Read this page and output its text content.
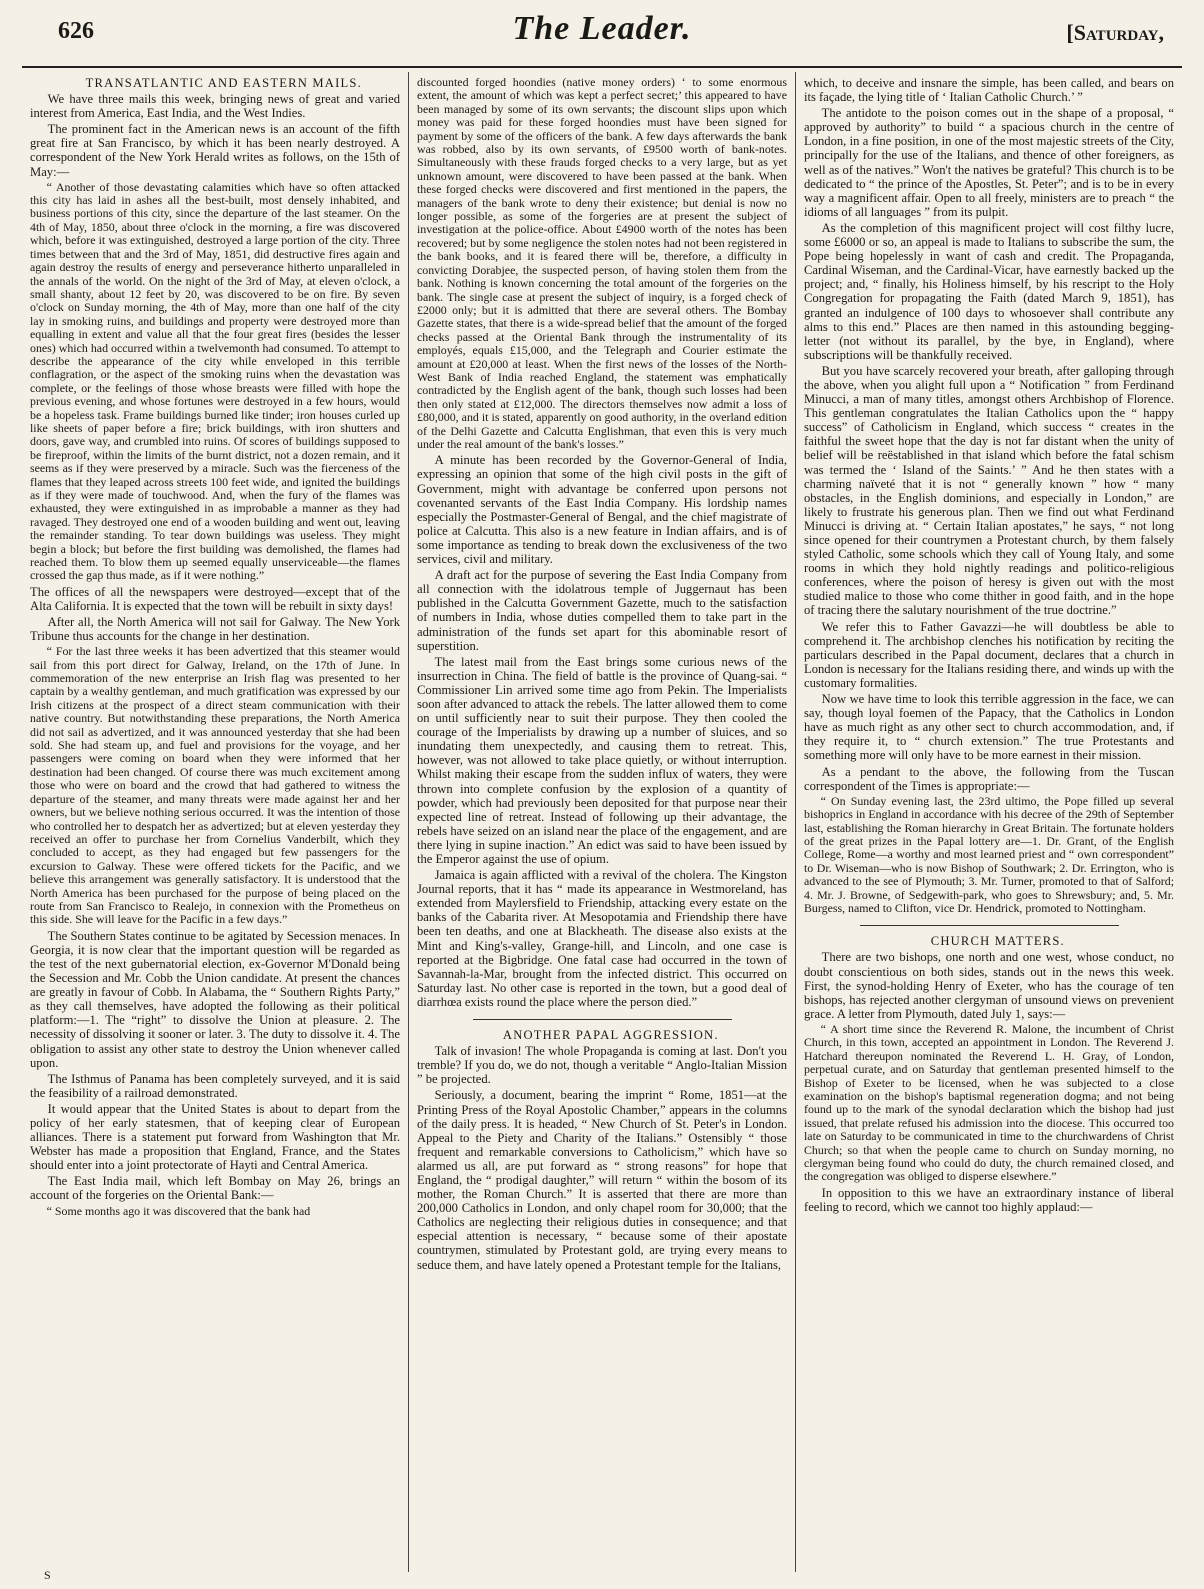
626	The Leader.	[Saturday,

TRANSATLANTIC AND EASTERN MAILS.

We have three mails this week, bringing news of great and varied interest from America, East India, and the West Indies.

The prominent fact in the American news is an account of the fifth great fire at San Francisco, by which it has been nearly destroyed. A correspondent of the New York Herald writes as follows, on the 15th of May:—

“ Another of those devastating calamities which have so often attacked this city has laid in ashes all the best-built, most densely inhabited, and business portions of this city, since the departure of the last steamer. On the 4th of May, 1850, about three o'clock in the morning, a fire was discovered which, before it was extinguished, destroyed a large portion of the city. Three times between that and the 3rd of May, 1851, did destructive fires again and again destroy the results of energy and perseverance hitherto unparalleled in the annals of the world. On the night of the 3rd of May, at eleven o'clock, a small shanty, about 12 feet by 20, was discovered to be on fire. By seven o'clock on Sunday morning, the 4th of May, more than one half of the city lay in smoking ruins, and buildings and property were destroyed more than equalling in extent and value all that the four great fires (besides the lesser ones) which had occurred within a twelvemonth had consumed. To attempt to describe the appearance of the city while enveloped in this terrible conflagration, or the aspect of the smoking ruins when the devastation was complete, or the feelings of those whose breasts were filled with hope the previous evening, and whose fortunes were destroyed in a few hours, would be a hopeless task. Frame buildings burned like tinder; iron houses curled up like sheets of paper before a fire; brick buildings, with iron shutters and doors, gave way, and crumbled into ruins. Of scores of buildings supposed to be fireproof, within the limits of the burnt district, not a dozen remain, and it seems as if they were preserved by a miracle. Such was the fierceness of the flames that they leaped across streets 100 feet wide, and ignited the buildings as if they were made of touchwood. And, when the fury of the flames was exhausted, they were extinguished in as improbable a manner as they had ravaged. They destroyed one end of a wooden building and went out, leaving the remainder standing. To tear down buildings was useless. They might begin a block; but before the first building was demolished, the flames had reached them. To blow them up seemed equally unserviceable—the flames crossed the gap thus made, as if it were nothing.”

The offices of all the newspapers were destroyed—except that of the Alta California. It is expected that the town will be rebuilt in sixty days!

After all, the North America will not sail for Galway. The New York Tribune thus accounts for the change in her destination.

“ For the last three weeks it has been advertized that this steamer would sail from this port direct for Galway, Ireland, on the 17th of June. In commemoration of the new enterprise an Irish flag was presented to her captain by a wealthy gentleman, and much gratification was expressed by our Irish citizens at the prospect of a direct steam communication with their native country. But notwithstanding these preparations, the North America did not sail as advertized, and it was announced yesterday that she had been sold. She had steam up, and fuel and provisions for the voyage, and her passengers were coming on board when they were informed that her destination had been changed. Of course there was much excitement among those who were on board and the crowd that had gathered to witness the departure of the steamer, and many threats were made against her and her owners, but we believe nothing serious occurred. It was the intention of those who controlled her to despatch her as advertized; but at eleven yesterday they received an offer to purchase her from Cornelius Vanderbilt, which they concluded to accept, as they had engaged but few passengers for the excursion to Galway. These were offered tickets for the Pacific, and we believe this arrangement was generally satisfactory. It is understood that the North America has been purchased for the purpose of being placed on the route from San Francisco to Realejo, in connexion with the Prometheus on this side. She will leave for the Pacific in a few days.”

The Southern States continue to be agitated by Secession menaces. In Georgia, it is now clear that the important question will be regarded as the test of the next gubernatorial election, ex-Governor M'Donald being the Secession and Mr. Cobb the Union candidate. At present the chances are greatly in favour of Cobb. In Alabama, the “ Southern Rights Party,” as they call themselves, have adopted the following as their political platform:—1. The “right” to dissolve the Union at pleasure. 2. The necessity of dissolving it sooner or later. 3. The duty to dissolve it. 4. The obligation to assist any other state to destroy the Union whenever called upon.

The Isthmus of Panama has been completely surveyed, and it is said the feasibility of a railroad demonstrated.

It would appear that the United States is about to depart from the policy of her early statesmen, that of keeping clear of European alliances. There is a statement put forward from Washington that Mr. Webster has made a proposition that England, France, and the States should enter into a joint protectorate of Hayti and Central America.

The East India mail, which left Bombay on May 26, brings an account of the forgeries on the Oriental Bank:—

“ Some months ago it was discovered that the bank had

discounted forged hoondies (native money orders) ‘ to some enormous extent, the amount of which was kept a perfect secret;’ this appeared to have been managed by some of its own servants; the discount slips upon which money was paid for these forged hoondies must have been signed for payment by some of the officers of the bank. A few days afterwards the bank was robbed, also by its own servants, of £9500 worth of bank-notes. Simultaneously with these frauds forged checks to a very large, but as yet unknown amount, were discovered to have been passed at the bank. When these forged checks were discovered and first mentioned in the papers, the managers of the bank wrote to deny their existence; but denial is now no longer possible, as some of the forgeries are at present the subject of investigation at the police-office. About £4900 worth of the notes has been recovered; but by some negligence the stolen notes had not been registered in the bank books, and it is feared there will be, therefore, a difficulty in convicting Dorabjee, the suspected person, of having stolen them from the bank. Nothing is known concerning the total amount of the forgeries on the bank. The single case at present the subject of inquiry, is a forged check of £2000 only; but it is admitted that there are several others. The Bombay Gazette states, that there is a wide-spread belief that the amount of the forged checks passed at the Oriental Bank through the instrumentality of its employés, equals £15,000, and the Telegraph and Courier estimate the amount at £20,000 at least. When the first news of the losses of the North-West Bank of India reached England, the statement was emphatically contradicted by the English agent of the bank, though such losses had been then only stated at £12,000. The directors themselves now admit a loss of £80,000, and it is stated, apparently on good authority, in the overland edition of the Delhi Gazette and Calcutta Englishman, that even this is very much under the real amount of the bank's losses.”

A minute has been recorded by the Governor-General of India, expressing an opinion that some of the high civil posts in the gift of Government, might with advantage be conferred upon persons not covenanted servants of the East India Company. His lordship names especially the Postmaster-General of Bengal, and the chief magistrate of police at Calcutta. This also is a new feature in Indian affairs, and is of some importance as tending to break down the exclusiveness of the two services, civil and military.

A draft act for the purpose of severing the East India Company from all connection with the idolatrous temple of Juggernaut has been published in the Calcutta Government Gazette, much to the satisfaction of numbers in India, whose duties compelled them to take part in the administration of the funds set apart for this abominable resort of superstition.

The latest mail from the East brings some curious news of the insurrection in China. The field of battle is the province of Quang-sai. “ Commissioner Lin arrived some time ago from Pekin. The Imperialists soon after advanced to attack the rebels. The latter allowed them to come on until sufficiently near to suit their purpose. They then cooled the courage of the Imperialists by drawing up a number of sluices, and so inundating them unexpectedly, and causing them to retreat. This, however, was not allowed to take place quietly, or without interruption. Whilst making their escape from the sudden influx of waters, they were thrown into complete confusion by the explosion of a quantity of powder, which had previously been deposited for that purpose near their expected line of retreat. Instead of following up their advantage, the rebels have seized on an island near the place of the engagement, and are there lying in supine inaction.” An edict was said to have been issued by the Emperor against the use of opium.

Jamaica is again afflicted with a revival of the cholera. The Kingston Journal reports, that it has “ made its appearance in Westmoreland, has extended from Maylersfield to Friendship, attacking every estate on the banks of the Cabarita river. At Mesopotamia and Friendship there have been ten deaths, and one at Blackheath. The disease also exists at the Mint and King's-valley, Grange-hill, and Lincoln, and one case is reported at the Bigbridge. One fatal case had occurred in the town of Savannah-la-Mar, brought from the infected district. This occurred on Saturday last. No other case is reported in the town, but a good deal of diarrhœa exists round the place where the person died.”

ANOTHER PAPAL AGGRESSION.

Talk of invasion! The whole Propaganda is coming at last. Don't you tremble? If you do, we do not, though a veritable “ Anglo-Italian Mission ” be projected.

Seriously, a document, bearing the imprint “ Rome, 1851—at the Printing Press of the Royal Apostolic Chamber,” appears in the columns of the daily press. It is headed, “ New Church of St. Peter's in London. Appeal to the Piety and Charity of the Italians.” Ostensibly “ those frequent and remarkable conversions to Catholicism,” which have so alarmed us all, are put forward as “ strong reasons” for hope that England, the “ prodigal daughter,” will return “ within the bosom of its mother, the Roman Church.” It is asserted that there are more than 200,000 Catholics in London, and only chapel room for 30,000; that the Catholics are neglecting their religious duties in consequence; and that especial attention is necessary, “ because some of their apostate countrymen, stimulated by Protestant gold, are trying every means to seduce them, and have lately opened a Protestant temple for the Italians,

which, to deceive and insnare the simple, has been called, and bears on its façade, the lying title of ‘ Italian Catholic Church.’ ”

The antidote to the poison comes out in the shape of a proposal, “ approved by authority” to build “ a spacious church in the centre of London, in a fine position, in one of the most majestic streets of the City, principally for the use of the Italians, and thence of other foreigners, as well as of the natives.” Won't the natives be grateful? This church is to be dedicated to “ the prince of the Apostles, St. Peter”; and is to be in every way a magnificent affair. Open to all freely, ministers are to preach “ the idioms of all languages ” from its pulpit.

As the completion of this magnificent project will cost filthy lucre, some £6000 or so, an appeal is made to Italians to subscribe the sum, the Pope being hopelessly in want of cash and credit. The Propaganda, Cardinal Wiseman, and the Cardinal-Vicar, have earnestly backed up the project; and, “ finally, his Holiness himself, by his rescript to the Holy Congregation for propagating the Faith (dated March 9, 1851), has granted an indulgence of 100 days to whosoever shall contribute any alms to this end.” Places are then named in this astounding begging-letter (not without its parallel, by the bye, in England), where subscriptions will be thankfully received.

But you have scarcely recovered your breath, after galloping through the above, when you alight full upon a “ Notification ” from Ferdinand Minucci, a man of many titles, amongst others Archbishop of Florence. This gentleman congratulates the Italian Catholics upon the “ happy success” of Catholicism in England, which success “ creates in the faithful the sweet hope that the day is not far distant when the unity of belief will be reëstablished in that island which before the fatal schism was termed the ‘ Island of the Saints.’ ” And he then states with a charming naïveté that it is not “ generally known ” how “ many obstacles, in the English dominions, and especially in London,” are likely to frustrate his generous plan. Then we find out what Ferdinand Minucci is driving at. “ Certain Italian apostates,” he says, “ not long since opened for their countrymen a Protestant church, by them falsely styled Catholic, some schools which they call of Young Italy, and some rooms in which they hold nightly readings and politico-religious conferences, where the poison of heresy is given out with the most studied malice to those who come thither in good faith, and in the hope of tracing there the salutary nourishment of the true doctrine.”

We refer this to Father Gavazzi—he will doubtless be able to comprehend it. The archbishop clenches his notification by reciting the particulars described in the Papal document, declares that a church in London is necessary for the Italians residing there, and winds up with the customary formalities.

Now we have time to look this terrible aggression in the face, we can say, though loyal foemen of the Papacy, that the Catholics in London have as much right as any other sect to church accommodation, and, if they require it, to “ church extension.” The true Protestants and something more will only have to be more earnest in their mission.

As a pendant to the above, the following from the Tuscan correspondent of the Times is appropriate:—

“ On Sunday evening last, the 23rd ultimo, the Pope filled up several bishoprics in England in accordance with his decree of the 29th of September last, establishing the Roman hierarchy in Great Britain. The fortunate holders of the great prizes in the Papal lottery are—1. Dr. Grant, of the English College, Rome—a worthy and most learned priest and “ own correspondent” to Dr. Wiseman—who is now Bishop of Southwark; 2. Dr. Errington, who is advanced to the see of Plymouth; 3. Mr. Turner, promoted to that of Salford; 4. Mr. J. Browne, of Sedgewith-park, who goes to Shrewsbury; and, 5. Mr. Burgess, named to Clifton, vice Dr. Hendrick, promoted to Nottingham.

CHURCH MATTERS.

There are two bishops, one north and one west, whose conduct, no doubt conscientious on both sides, stands out in the news this week. First, the synod-holding Henry of Exeter, who has the courage of ten bishops, has rejected another clergyman of unsound views on prevenient grace. A letter from Plymouth, dated July 1, says:—

“ A short time since the Reverend R. Malone, the incumbent of Christ Church, in this town, accepted an appointment in London. The Reverend J. Hatchard thereupon nominated the Reverend L. H. Gray, of London, perpetual curate, and on Saturday that gentleman presented himself to the Bishop of Exeter to be licensed, when he was subjected to a close examination on the bishop's baptismal regeneration dogma; and not being found up to the mark of the synodal declaration which the bishop had just issued, that prelate refused his admission into the diocese. This occurred too late on Saturday to be communicated in time to the churchwardens of Christ Church; so that when the people came to church on Sunday morning, no clergyman being found who could do duty, the church remained closed, and the congregation was obliged to disperse elsewhere.”

In opposition to this we have an extraordinary instance of liberal feeling to record, which we cannot too highly applaud:—

S
